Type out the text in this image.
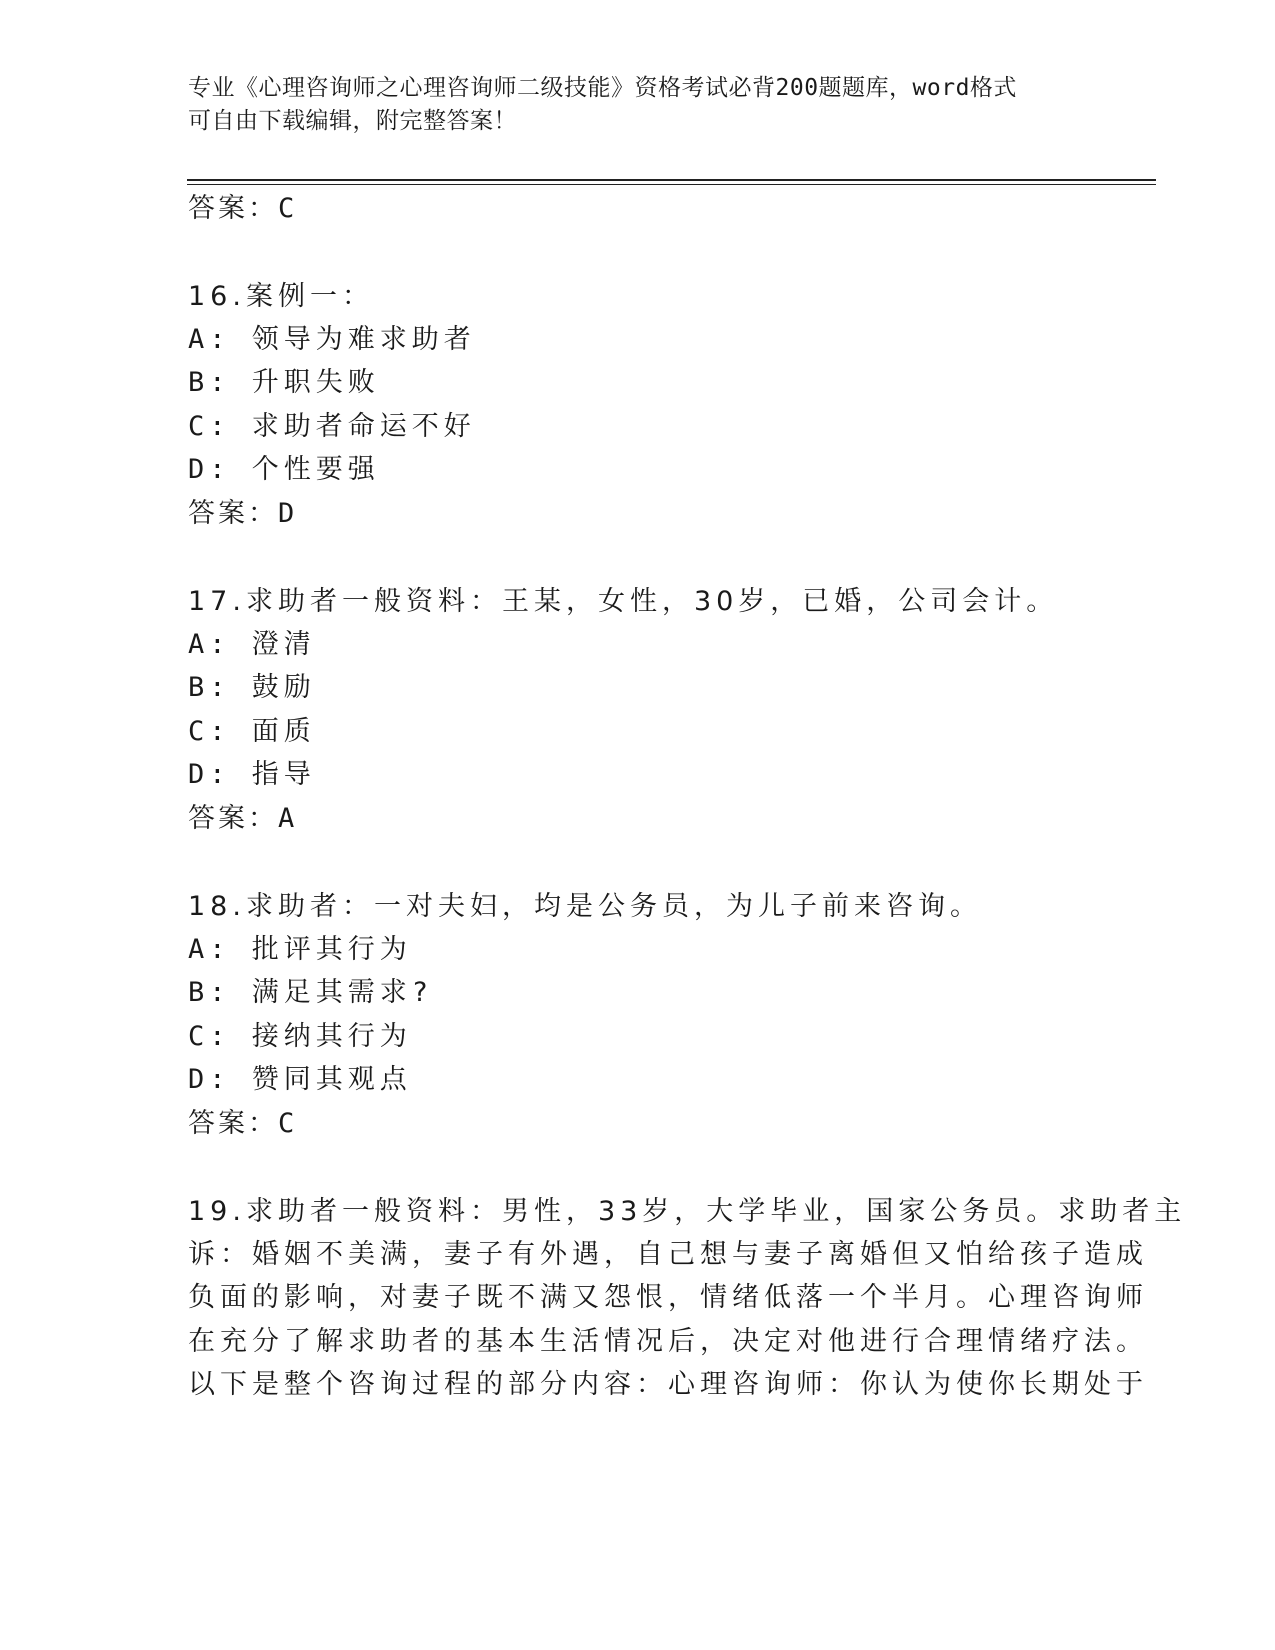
专业《心理咨询师之心理咨询师二级技能》资格考试必背200题题库，word格式
可自由下载编辑，附完整答案！
答案：C
16.案例一：
A: 领导为难求助者
B: 升职失败
C: 求助者命运不好
D: 个性要强
答案：D
17.求助者一般资料：王某，女性，30岁，已婚，公司会计。
A: 澄清
B: 鼓励
C: 面质
D: 指导
答案：A
18.求助者：一对夫妇，均是公务员，为儿子前来咨询。
A: 批评其行为
B: 满足其需求?
C: 接纳其行为
D: 赞同其观点
答案：C
19.求助者一般资料：男性，33岁，大学毕业，国家公务员。求助者主
诉：婚姻不美满，妻子有外遇，自己想与妻子离婚但又怕给孩子造成
负面的影响，对妻子既不满又怨恨，情绪低落一个半月。心理咨询师
在充分了解求助者的基本生活情况后，决定对他进行合理情绪疗法。
以下是整个咨询过程的部分内容：心理咨询师：你认为使你长期处于
